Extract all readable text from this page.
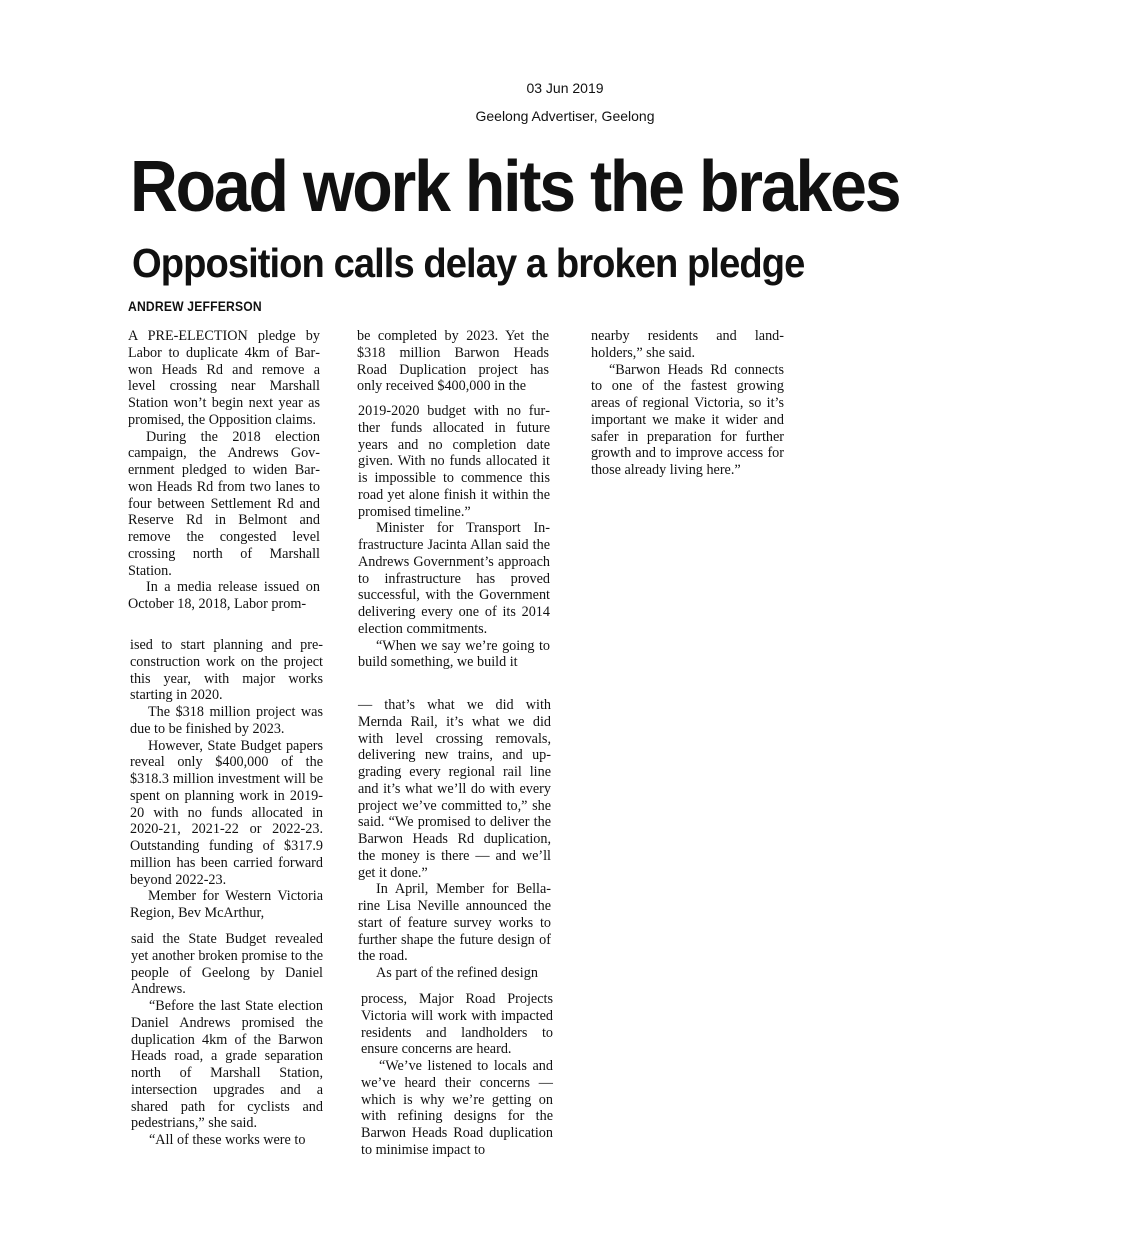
03 Jun 2019
Geelong Advertiser, Geelong
Road work hits the brakes
Opposition calls delay a broken pledge
ANDREW JEFFERSON

A PRE-ELECTION pledge by Labor to duplicate 4km of Barwon Heads Rd and remove a level crossing near Marshall Station won’t begin next year as promised, the Opposition claims.

During the 2018 election campaign, the Andrews Government pledged to widen Barwon Heads Rd from two lanes to four between Settlement Rd and Reserve Rd in Belmont and remove the congested level crossing north of Marshall Station.

In a media release issued on October 18, 2018, Labor prom-

ised to start planning and preconstruction work on the project this year, with major works starting in 2020.

The $318 million project was due to be finished by 2023.

However, State Budget papers reveal only $400,000 of the $318.3 million investment will be spent on planning work in 2019-20 with no funds allocated in 2020-21, 2021-22 or 2022-23. Outstanding funding of $317.9 million has been carried forward beyond 2022-23.

Member for Western Victoria Region, Bev McArthur,

said the State Budget revealed yet another broken promise to the people of Geelong by Daniel Andrews.

“Before the last State election Daniel Andrews promised the duplication 4km of the Barwon Heads road, a grade separation north of Marshall Station, intersection upgrades and a shared path for cyclists and pedestrians,” she said.

“All of these works were to

be completed by 2023. Yet the $318 million Barwon Heads Road Duplication project has only received $400,000 in the

2019-2020 budget with no further funds allocated in future years and no completion date given. With no funds allocated it is impossible to commence this road yet alone finish it within the promised timeline.”

Minister for Transport Infrastructure Jacinta Allan said the Andrews Government’s approach to infrastructure has proved successful, with the Government delivering every one of its 2014 election commitments.

“When we say we’re going to build something, we build it

— that’s what we did with Mernda Rail, it’s what we did with level crossing removals, delivering new trains, and upgrading every regional rail line and it’s what we’ll do with every project we’ve committed to,” she said. “We promised to deliver the Barwon Heads Rd duplication, the money is there — and we’ll get it done.”

In April, Member for Bellarine Lisa Neville announced the start of feature survey works to further shape the future design of the road.

As part of the refined design

process, Major Road Projects Victoria will work with impacted residents and landholders to ensure concerns are heard.

“We’ve listened to locals and we’ve heard their concerns — which is why we’re getting on with refining designs for the Barwon Heads Road duplication to minimise impact to

nearby residents and landholders,” she said.

“Barwon Heads Rd connects to one of the fastest growing areas of regional Victoria, so it’s important we make it wider and safer in preparation for further growth and to improve access for those already living here.”
